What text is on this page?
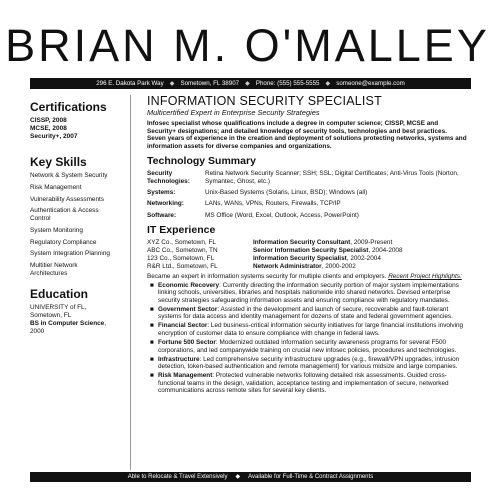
BRIAN M. O'MALLEY
296 E. Dakota Park Way ◆ Sometown, FL 38907 ◆ Phone: (555) 555-5555 ◆ someone@example.com
Certifications
CISSP, 2008
MCSE, 2008
Security+, 2007
Key Skills
Network & System Security
Risk Management
Vulnerability Assessments
Authentication & Access Control
System Monitoring
Regulatory Compliance
System Integration Planning
Multitier Network Architectures
Education
UNIVERSITY of FL, Sometown, FL
BS in Computer Science, 2000
INFORMATION SECURITY SPECIALIST
Multicertified Expert in Enterprise Security Strategies
Infosec specialist whose qualifications include a degree in computer science; CISSP, MCSE and Security+ designations; and detailed knowledge of security tools, technologies and best practices. Seven years of experience in the creation and deployment of solutions protecting networks, systems and information assets for diverse companies and organizations.
Technology Summary
Security Technologies:
Retina Network Security Scanner; SSH; SSL; Digital Certificates; Anti-Virus Tools (Norton, Symantec, Ghost, etc.)
Systems:	Unix-Based Systems (Solaris, Linux, BSD); Windows (all)
Networking:	LANs, WANs, VPNs, Routers, Firewalls, TCP/IP
Software:	MS Office (Word, Excel, Outlook, Access, PowerPoint)
IT Experience
XYZ Co., Sometown, FL	Information Security Consultant, 2009-Present
ABC Co., Sometown, TN	Senior Information Security Specialist, 2004-2008
123 Co., Sometown, FL	Information Security Specialist, 2002-2004
R&R Ltd., Sometown, FL	Network Administrator, 2000-2002
Became an expert in information systems security for multiple clients and employers. Recent Project Highlights:
■ Economic Recovery: Currently directing the information security portion of major system implementations linking schools, universities, libraries and hospitals nationwide into shared networks. Devised enterprise security strategies safeguarding information assets and ensuring compliance with regulatory mandates.
■ Government Sector: Assisted in the development and launch of secure, recoverable and fault-tolerant systems for data access and identity management for dozens of state and federal government agencies.
■ Financial Sector: Led business-critical information security initiatives for large financial institutions involving encryption of customer data to ensure compliance with change in federal laws.
■ Fortune 500 Sector: Modernized outdated information security awareness programs for several F500 corporations, and led companywide training on crucial new infosec policies, procedures and technologies.
■ Infrastructure: Led comprehensive security infrastructure upgrades (e.g., firewall/VPN upgrades, intrusion detection, token-based authentication and remote management) for various midsize and large companies.
■ Risk Management: Protected vulnerable networks following detailed risk assessments. Guided cross-functional teams in the design, validation, acceptance testing and implementation of secure, networked communications across remote sites for several key clients.
Able to Relocate & Travel Extensively ◆ Available for Full-Time & Contract Assignments
